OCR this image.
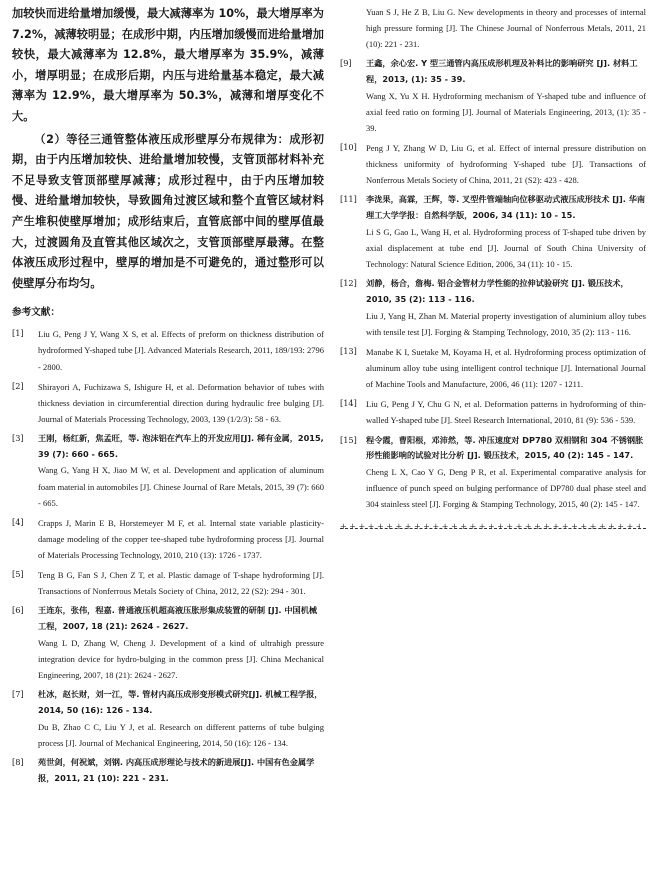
加较快而进给量增加缓慢，最大减薄率为 10%，最大增厚率为 7.2%，减薄较明显；在成形中期，内压增加缓慢而进给量增加较快，最大减薄率为 12.8%，最大增厚率为 35.9%，减薄小，增厚明显；在成形后期，内压与进给量基本稳定，最大减薄率为 12.9%，最大增厚率为 50.3%，减薄和增厚变化不大。

（2）等径三通管整体液压成形壁厚分布规律为：成形初期，由于内压增加较快、进给量增加较慢，支管顶部材料补充不足导致支管顶部壁厚减薄；成形过程中，由于内压增加较慢、进给量增加较快，导致圆角过渡区域和整个直管区域材料产生堆积使壁厚增加；成形结束后，直管底部中间的壁厚值最大，过渡圆角及直管其他区域次之，支管顶部壁厚最薄。在整体液压成形过程中，壁厚的增加是不可避免的，通过整形可以使壁厚分布均匀。

参考文献：
[1]	Liu G, Peng J Y, Wang X S, et al. Effects of preform on thickness distribution of hydroformed Y-shaped tube [J]. Advanced Materials Research, 2011, 189/193: 2796 - 2800.

[2]	Shirayori A, Fuchizawa S, Ishigure H, et al. Deformation behavior of tubes with thickness deviation in circumferential direction during hydraulic free bulging [J]. Journal of Materials Processing Technology, 2003, 139 (1/2/3): 58 - 63.

[3]	王刚，杨红新，焦孟旺，等. 泡沫铝在汽车上的开发应用[J]. 稀有金属，2015, 39 (7): 660 - 665.

Wang G, Yang H X, Jiao M W, et al. Development and application of aluminum foam material in automobiles [J]. Chinese Journal of Rare Metals, 2015, 39 (7): 660 - 665.

[4]	Crapps J, Marin E B, Horstemeyer M F, et al. Internal state variable plasticity-damage modeling of the copper tee-shaped tube hydroforming process [J]. Journal of Materials Processing Technology, 2010, 210 (13): 1726 - 1737.

[5]	Teng B G, Fan S J, Chen Z T, et al. Plastic damage of T-shape hydroforming [J]. Transactions of Nonferrous Metals Society of China, 2012, 22 (S2): 294 - 301.

[6]	王连东，张伟，程嘉. 普通液压机超高液压胀形集成装置的研制 [J]. 中国机械工程，2007, 18 (21): 2624 - 2627.

Wang L D, Zhang W, Cheng J. Development of a kind of ultrahigh pressure integration device for hydro-bulging in the common press [J]. China Mechanical Engineering, 2007, 18 (21): 2624 - 2627.

[7]	杜冰，赵长财，刘一江，等. 管材内高压成形变形模式研究[J]. 机械工程学报，2014, 50 (16): 126 - 134.

Du B, Zhao C C, Liu Y J, et al. Research on different patterns of tube bulging process [J]. Journal of Mechanical Engineering, 2014, 50 (16): 126 - 134.

[8]	苑世剑，何祝斌，刘钢. 内高压成形理论与技术的新进展[J]. 中国有色金属学报，2011, 21 (10): 221 - 231.

Yuan S J, He Z B, Liu G. New developments in theory and processes of internal high pressure forming [J]. The Chinese Journal of Nonferrous Metals, 2011, 21 (10): 221 - 231.

[9]	王鑫，余心宏. Y 型三通管内高压成形机理及补料比的影响研究 [J]. 材料工程，2013, (1): 35 - 39.

Wang X, Yu X H. Hydroforming mechanism of Y-shaped tube and influence of axial feed ratio on forming [J]. Journal of Materials Engineering, 2013, (1): 35 - 39.

[10]	Peng J Y, Zhang W D, Liu G, et al. Effect of internal pressure distribution on thickness uniformity of hydroforming Y-shaped tube [J]. Transactions of Nonferrous Metals Society of China, 2011, 21 (S2): 423 - 428.

[11]	李泷果，高霖，王辉，等. 叉型件管端轴向位移驱动式液压成形技术 [J]. 华南理工大学学报：自然科学版，2006, 34 (11): 10 - 15.

Li S G, Gao L, Wang H, et al. Hydroforming process of T-shaped tube driven by axial displacement at tube end [J]. Journal of South China University of Technology: Natural Science Edition, 2006, 34 (11): 10 - 15.

[12]	刘静，杨合，詹梅. 铝合金管材力学性能的拉伸试验研究 [J]. 锻压技术，2010, 35 (2): 113 - 116.

Liu J, Yang H, Zhan M. Material property investigation of aluminium alloy tubes with tensile test [J]. Forging & Stamping Technology, 2010, 35 (2): 113 - 116.

[13]	Manabe K I, Suetake M, Koyama H, et al. Hydroforming process optimization of aluminum alloy tube using intelligent control technique [J]. International Journal of Machine Tools and Manufacture, 2006, 46 (11): 1207 - 1211.

[14]	Liu G, Peng J Y, Chu G N, et al. Deformation patterns in hydroforming of thin-walled Y-shaped tube [J]. Steel Research International, 2010, 81 (9): 536 - 539.

[15]	程令霞，曹阳根，邓沛然，等. 冲压速度对 DP780 双相钢和 304 不锈钢胀形性能影响的试验对比分析 [J]. 锻压技术，2015, 40 (2): 145 - 147.

Cheng L X, Cao Y G, Deng P R, et al. Experimental comparative analysis for influence of punch speed on bulging performance of DP780 dual phase steel and 304 stainless steel [J]. Forging & Stamping Technology, 2015, 40 (2): 145 - 147.

+ + + + + + + + + + + + + + + + + + + + + + + + + + + + + + + + + + +
